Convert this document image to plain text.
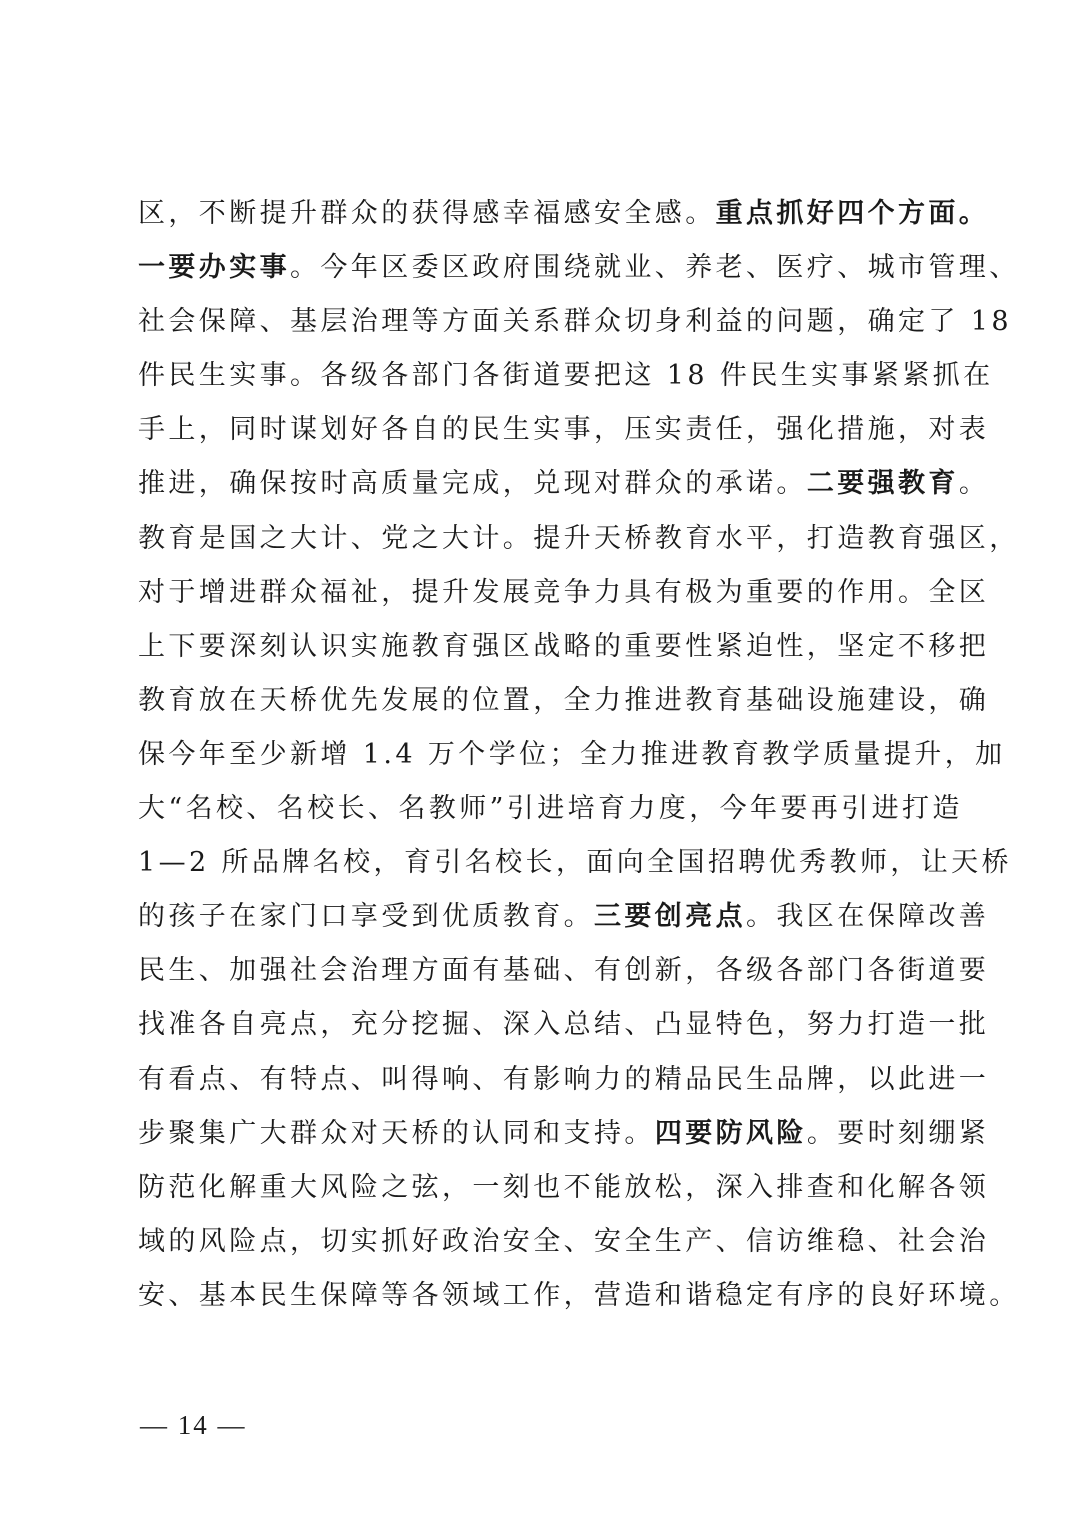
区，不断提升群众的获得感幸福感安全感。重点抓好四个方面。
一要办实事。今年区委区政府围绕就业、养老、医疗、城市管理、
社会保障、基层治理等方面关系群众切身利益的问题，确定了 18
件民生实事。各级各部门各街道要把这 18 件民生实事紧紧抓在
手上，同时谋划好各自的民生实事，压实责任，强化措施，对表
推进，确保按时高质量完成，兑现对群众的承诺。二要强教育。
教育是国之大计、党之大计。提升天桥教育水平，打造教育强区，
对于增进群众福祉，提升发展竞争力具有极为重要的作用。全区
上下要深刻认识实施教育强区战略的重要性紧迫性，坚定不移把
教育放在天桥优先发展的位置，全力推进教育基础设施建设，确
保今年至少新增 1.4 万个学位；全力推进教育教学质量提升，加
大“名校、名校长、名教师”引进培育力度，今年要再引进打造
1—2 所品牌名校，育引名校长，面向全国招聘优秀教师，让天桥
的孩子在家门口享受到优质教育。三要创亮点。我区在保障改善
民生、加强社会治理方面有基础、有创新，各级各部门各街道要
找准各自亮点，充分挖掘、深入总结、凸显特色，努力打造一批
有看点、有特点、叫得响、有影响力的精品民生品牌，以此进一
步聚集广大群众对天桥的认同和支持。四要防风险。要时刻绷紧
防范化解重大风险之弦，一刻也不能放松，深入排查和化解各领
域的风险点，切实抓好政治安全、安全生产、信访维稳、社会治
安、基本民生保障等各领域工作，营造和谐稳定有序的良好环境。
— 14 —
